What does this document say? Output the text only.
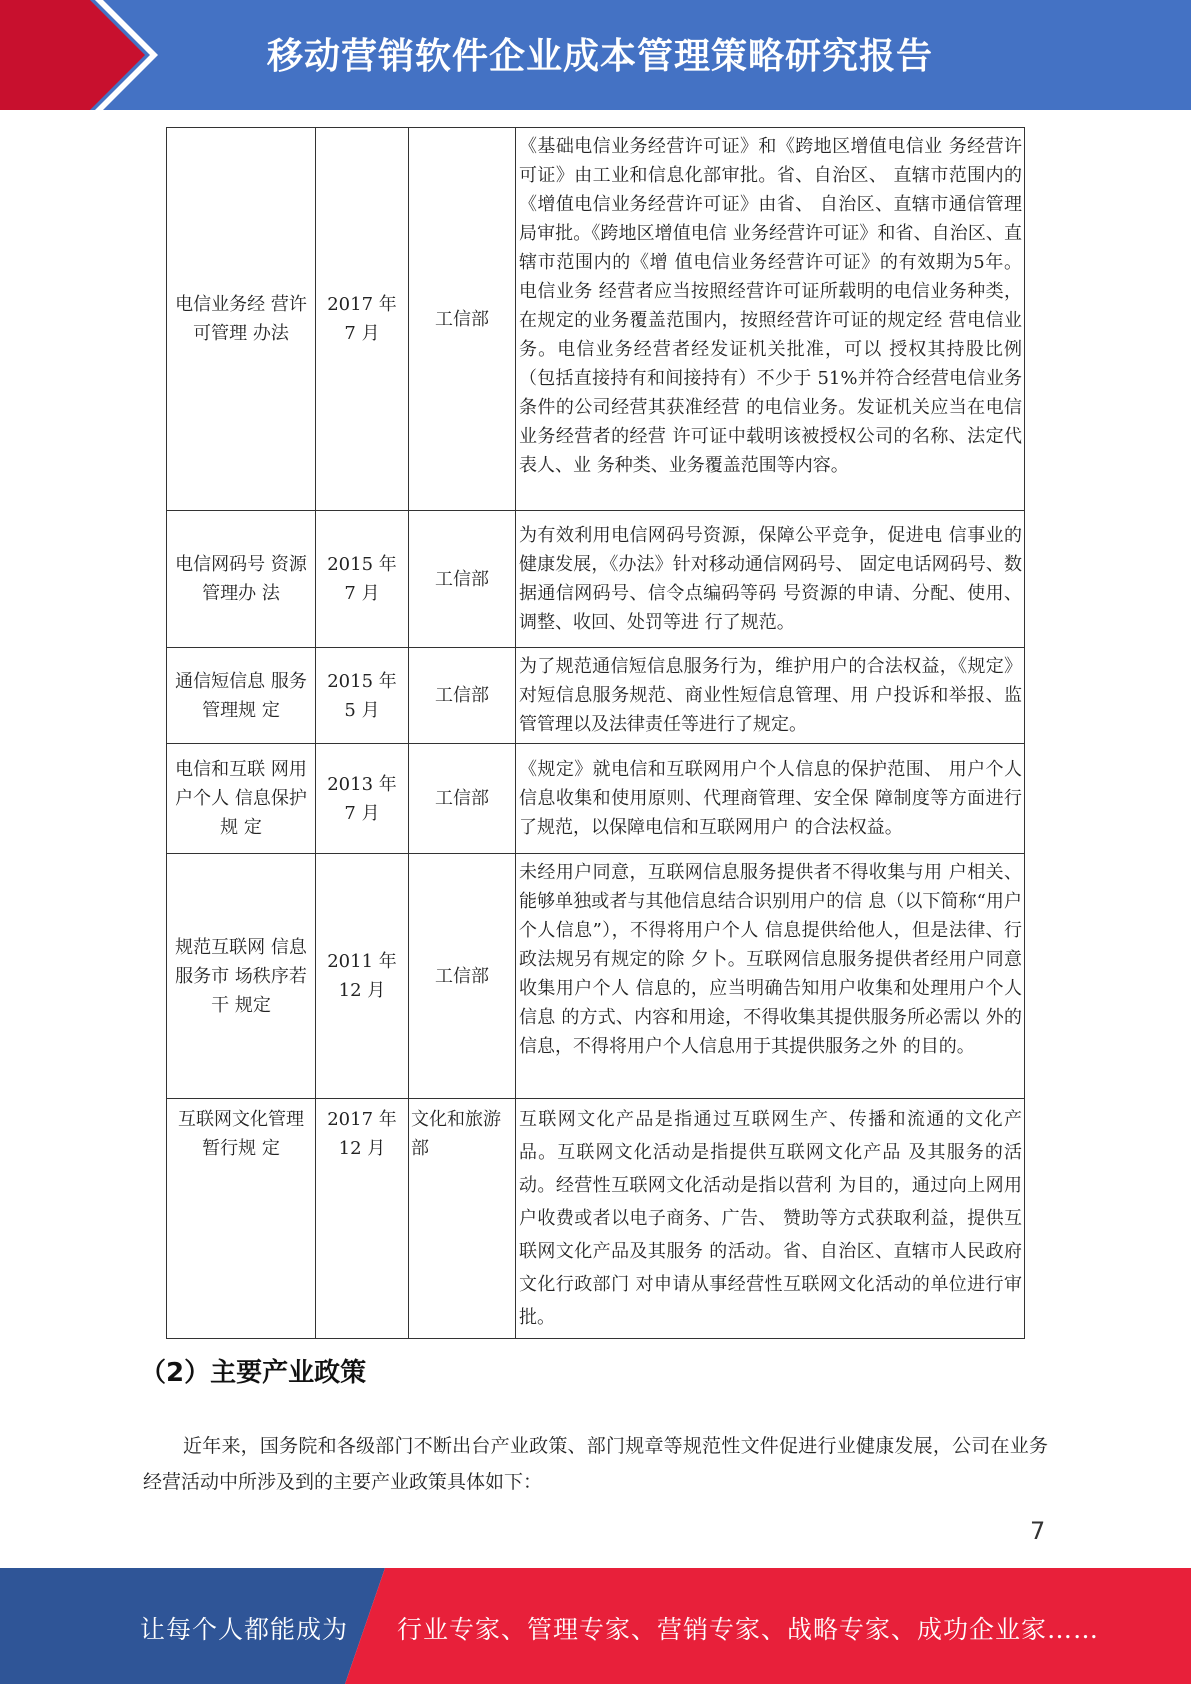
移动营销软件企业成本管理策略研究报告
电信业务经 营许可管理 办法	2017 年 7 月	工信部	《基础电信业务经营许可证》和《跨地区增值电信业 务经营许可证》由工业和信息化部审批。省、自治区、 直辖市范围内的《增值电信业务经营许可证》由省、 自治区、直辖市通信管理局审批。《跨地区增值电信 业务经营许可证》和省、自治区、直辖市范围内的《增 值电信业务经营许可证》的有效期为5年。电信业务 经营者应当按照经营许可证所载明的电信业务种类， 在规定的业务覆盖范围内，按照经营许可证的规定经 营电信业务。电信业务经营者经发证机关批准，可以 授权其持股比例（包括直接持有和间接持有）不少于 51%并符合经营电信业务条件的公司经营其获准经营 的电信业务。发证机关应当在电信业务经营者的经营 许可证中载明该被授权公司的名称、法定代表人、业 务种类、业务覆盖范围等内容。
电信网码号 资源管理办 法	2015 年 7 月	工信部	为有效利用电信网码号资源，保障公平竞争，促进电 信事业的健康发展，《办法》针对移动通信网码号、 固定电话网码号、数据通信网码号、信令点编码等码 号资源的申请、分配、使用、调整、收回、处罚等进 行了规范。
通信短信息 服务管理规 定	2015 年 5 月	工信部	为了规范通信短信息服务行为，维护用户的合法权益，《规定》对短信息服务规范、商业性短信息管理、用 户投诉和举报、监管管理以及法律责任等进行了规定。
电信和互联 网用户个人 信息保护规 定	2013 年 7 月	工信部	《规定》就电信和互联网用户个人信息的保护范围、 用户个人信息收集和使用原则、代理商管理、安全保 障制度等方面进行了规范，以保障电信和互联网用户 的合法权益。
规范互联网 信息服务市 场秩序若干 规定	2011 年 12 月	工信部	未经用户同意，互联网信息服务提供者不得收集与用 户相关、能够单独或者与其他信息结合识别用户的信 息（以下简称“用户个人信息”），不得将用户个人 信息提供给他人，但是法律、行政法规另有规定的除 夕卜。互联网信息服务提供者经用户同意收集用户个人 信息的，应当明确告知用户收集和处理用户个人信息 的方式、内容和用途，不得收集其提供服务所必需以 外的信息，不得将用户个人信息用于其提供服务之外 的目的。
互联网文化管理暂行规 定	2017 年 12 月	文化和旅游部	互联网文化产品是指通过互联网生产、传播和流通的文化产品。互联网文化活动是指提供互联网文化产品 及其服务的活动。经营性互联网文化活动是指以营利 为目的，通过向上网用户收费或者以电子商务、广告、 赞助等方式获取利益，提供互联网文化产品及其服务 的活动。省、自治区、直辖市人民政府文化行政部门 对申请从事经营性互联网文化活动的单位进行审批。
（2）主要产业政策

近年来，国务院和各级部门不断出台产业政策、部门规章等规范性文件促进行业健康发展，公司在业务经营活动中所涉及到的主要产业政策具体如下：

7
让每个人都能成为 行业专家、管理专家、营销专家、战略专家、成功企业家……
